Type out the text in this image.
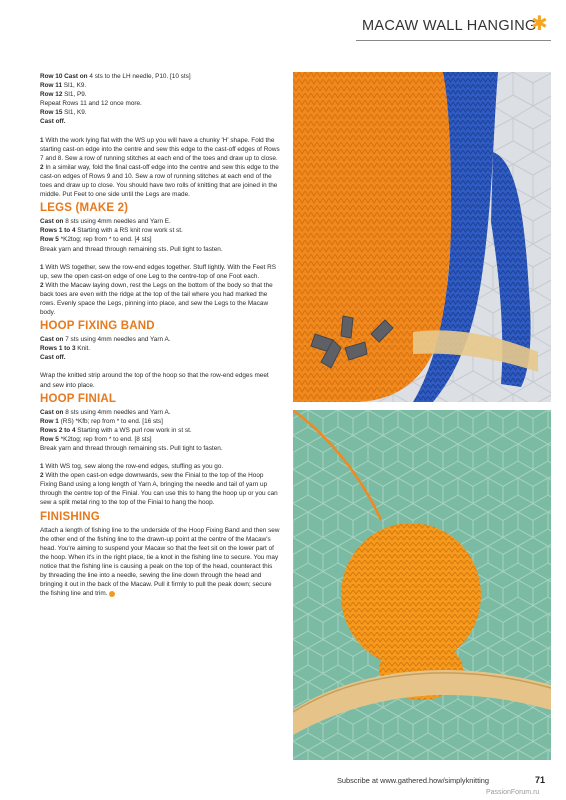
MACAW WALL HANGING
✱

Row 10 Cast on 4 sts to the LH needle, P10. [10 sts]

Row 11 Sl1, K9.

Row 12 Sl1, P9.

Repeat Rows 11 and 12 once more.

Row 15 Sl1, K9.

Cast off.

1 With the work lying flat with the WS up you will have a chunky 'H' shape. Fold the starting cast-on edge into the centre and sew this edge to the cast-off edges of Rows 7 and 8. Sew a row of running stitches at each end of the toes and draw up to close.

2 In a similar way, fold the final cast-off edge into the centre and sew this edge to the cast-on edges of Rows 9 and 10. Sew a row of running stitches at each end of the toes and draw up to close. You should have two rolls of knitting that are joined in the middle. Put Feet to one side until the Legs are made.

LEGS (MAKE 2)

Cast on 8 sts using 4mm needles and Yarn E.

Rows 1 to 4 Starting with a RS knit row work st st.

Row 5 *K2tog; rep from * to end. [4 sts]

Break yarn and thread through remaining sts. Pull tight to fasten.

1 With WS together, sew the row-end edges together. Stuff lightly. With the Feet RS up, sew the open cast-on edge of one Leg to the centre-top of one Foot each.

2 With the Macaw laying down, rest the Legs on the bottom of the body so that the back toes are even with the ridge at the top of the tail where you had marked the rows. Evenly space the Legs, pinning into place, and sew the Legs to the Macaw body.

HOOP FIXING BAND

Cast on 7 sts using 4mm needles and Yarn A.

Rows 1 to 3 Knit.

Cast off.

Wrap the knitted strip around the top of the hoop so that the row-end edges meet and sew into place.

HOOP FINIAL

Cast on 8 sts using 4mm needles and Yarn A.

Row 1 (RS) *Kfb; rep from * to end. [16 sts]

Rows 2 to 4 Starting with a WS purl row work in st st.

Row 5 *K2tog; rep from * to end. [8 sts]

Break yarn and thread through remaining sts. Pull tight to fasten.

1 With WS tog, sew along the row-end edges, stuffing as you go.

2 With the open cast-on edge downwards, sew the Finial to the top of the Hoop Fixing Band using a long length of Yarn A, bringing the needle and tail of yarn up through the centre top of the Finial. You can use this to hang the hoop up or you can sew a split metal ring to the top of the Finial to hang the hoop.

FINISHING

Attach a length of fishing line to the underside of the Hoop Fixing Band and then sew the other end of the fishing line to the drawn-up point at the centre of the Macaw's head. You're aiming to suspend your Macaw so that the feet sit on the lower part of the hoop. When it's in the right place, tie a knot in the fishing line to secure. You may notice that the fishing line is causing a peak on the top of the head, counteract this by threading the line into a needle, sewing the line down through the head and bringing it out in the back of the Macaw. Pull it firmly to pull the peak down; secure the fishing line and trim.

Subscribe at www.gathered.how/simplyknitting	71
PassionForum.ru
